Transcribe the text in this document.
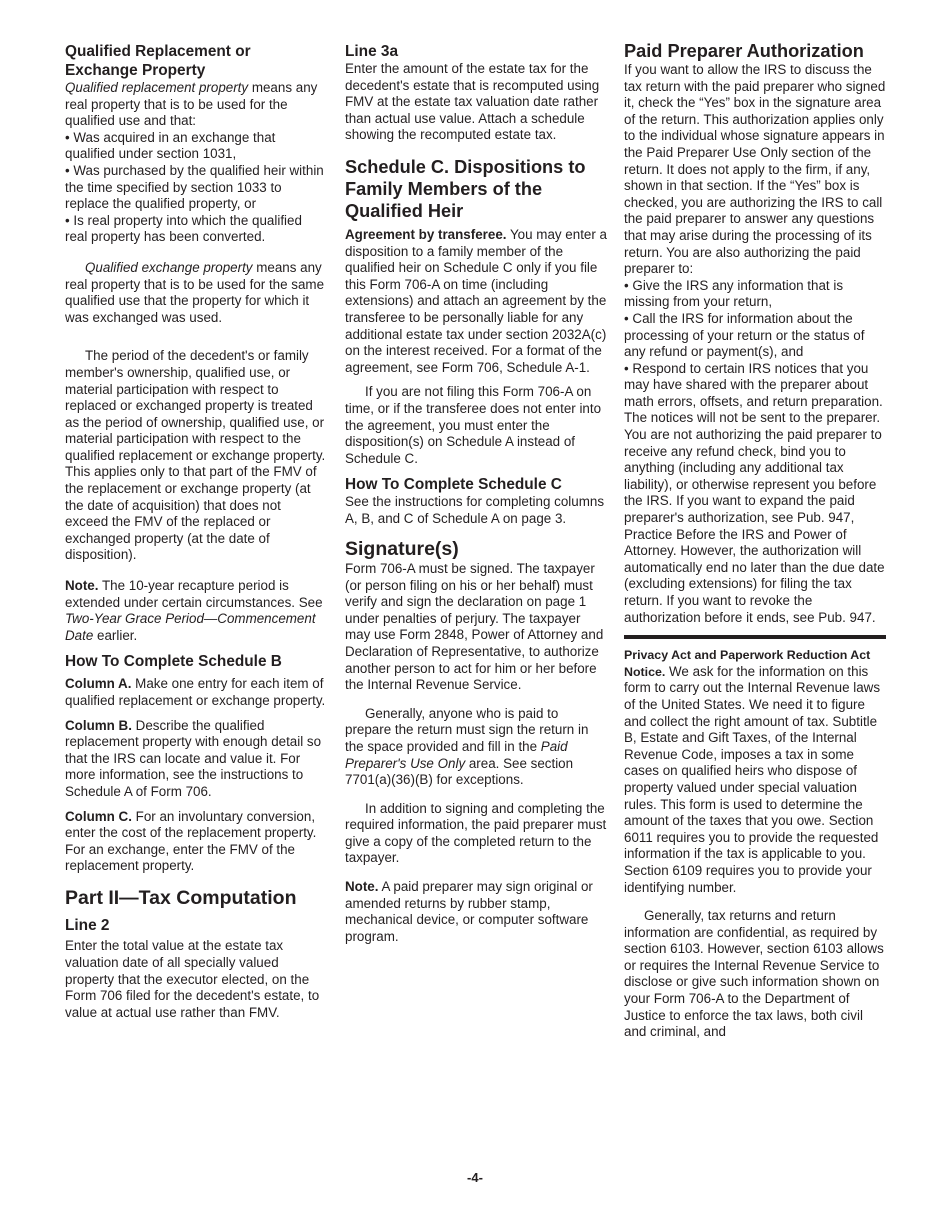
Qualified Replacement or Exchange Property

Qualified replacement property means any real property that is to be used for the qualified use and that:

• Was acquired in an exchange that qualified under section 1031,

• Was purchased by the qualified heir within the time specified by section 1033 to replace the qualified property, or

• Is real property into which the qualified real property has been converted.

Qualified exchange property means any real property that is to be used for the same qualified use that the property for which it was exchanged was used.

The period of the decedent's or family member's ownership, qualified use, or material participation with respect to replaced or exchanged property is treated as the period of ownership, qualified use, or material participation with respect to the qualified replacement or exchange property. This applies only to that part of the FMV of the replacement or exchange property (at the date of acquisition) that does not exceed the FMV of the replaced or exchanged property (at the date of disposition).

Note. The 10-year recapture period is extended under certain circumstances. See Two-Year Grace Period—Commencement Date earlier.

How To Complete Schedule B

Column A. Make one entry for each item of qualified replacement or exchange property.

Column B. Describe the qualified replacement property with enough detail so that the IRS can locate and value it. For more information, see the instructions to Schedule A of Form 706.

Column C. For an involuntary conversion, enter the cost of the replacement property. For an exchange, enter the FMV of the replacement property.

Part II—Tax Computation
Line 2

Enter the total value at the estate tax valuation date of all specially valued property that the executor elected, on the Form 706 filed for the decedent's estate, to value at actual use rather than FMV.

Line 3a

Enter the amount of the estate tax for the decedent's estate that is recomputed using FMV at the estate tax valuation date rather than actual use value. Attach a schedule showing the recomputed estate tax.

Schedule C. Dispositions to Family Members of the Qualified Heir

Agreement by transferee. You may enter a disposition to a family member of the qualified heir on Schedule C only if you file this Form 706-A on time (including extensions) and attach an agreement by the transferee to be personally liable for any additional estate tax under section 2032A(c) on the interest received. For a format of the agreement, see Form 706, Schedule A-1.

If you are not filing this Form 706-A on time, or if the transferee does not enter into the agreement, you must enter the disposition(s) on Schedule A instead of Schedule C.

How To Complete Schedule C

See the instructions for completing columns A, B, and C of Schedule A on page 3.

Signature(s)

Form 706-A must be signed. The taxpayer (or person filing on his or her behalf) must verify and sign the declaration on page 1 under penalties of perjury. The taxpayer may use Form 2848, Power of Attorney and Declaration of Representative, to authorize another person to act for him or her before the Internal Revenue Service.

Generally, anyone who is paid to prepare the return must sign the return in the space provided and fill in the Paid Preparer's Use Only area. See section 7701(a)(36)(B) for exceptions.

In addition to signing and completing the required information, the paid preparer must give a copy of the completed return to the taxpayer.

Note. A paid preparer may sign original or amended returns by rubber stamp, mechanical device, or computer software program.

Paid Preparer Authorization

If you want to allow the IRS to discuss the tax return with the paid preparer who signed it, check the “Yes” box in the signature area of the return. This authorization applies only to the individual whose signature appears in the Paid Preparer Use Only section of the return. It does not apply to the firm, if any, shown in that section. If the “Yes” box is checked, you are authorizing the IRS to call the paid preparer to answer any questions that may arise during the processing of its return. You are also authorizing the paid preparer to:

• Give the IRS any information that is missing from your return,

• Call the IRS for information about the processing of your return or the status of any refund or payment(s), and

• Respond to certain IRS notices that you may have shared with the preparer about math errors, offsets, and return preparation.

The notices will not be sent to the preparer. You are not authorizing the paid preparer to receive any refund check, bind you to anything (including any additional tax liability), or otherwise represent you before the IRS. If you want to expand the paid preparer's authorization, see Pub. 947, Practice Before the IRS and Power of Attorney. However, the authorization will automatically end no later than the due date (excluding extensions) for filing the tax return. If you want to revoke the authorization before it ends, see Pub. 947.

Privacy Act and Paperwork Reduction Act Notice. We ask for the information on this form to carry out the Internal Revenue laws of the United States. We need it to figure and collect the right amount of tax. Subtitle B, Estate and Gift Taxes, of the Internal Revenue Code, imposes a tax in some cases on qualified heirs who dispose of property valued under special valuation rules. This form is used to determine the amount of the taxes that you owe. Section 6011 requires you to provide the requested information if the tax is applicable to you. Section 6109 requires you to provide your identifying number.

Generally, tax returns and return information are confidential, as required by section 6103. However, section 6103 allows or requires the Internal Revenue Service to disclose or give such information shown on your Form 706-A to the Department of Justice to enforce the tax laws, both civil and criminal, and

-4-
